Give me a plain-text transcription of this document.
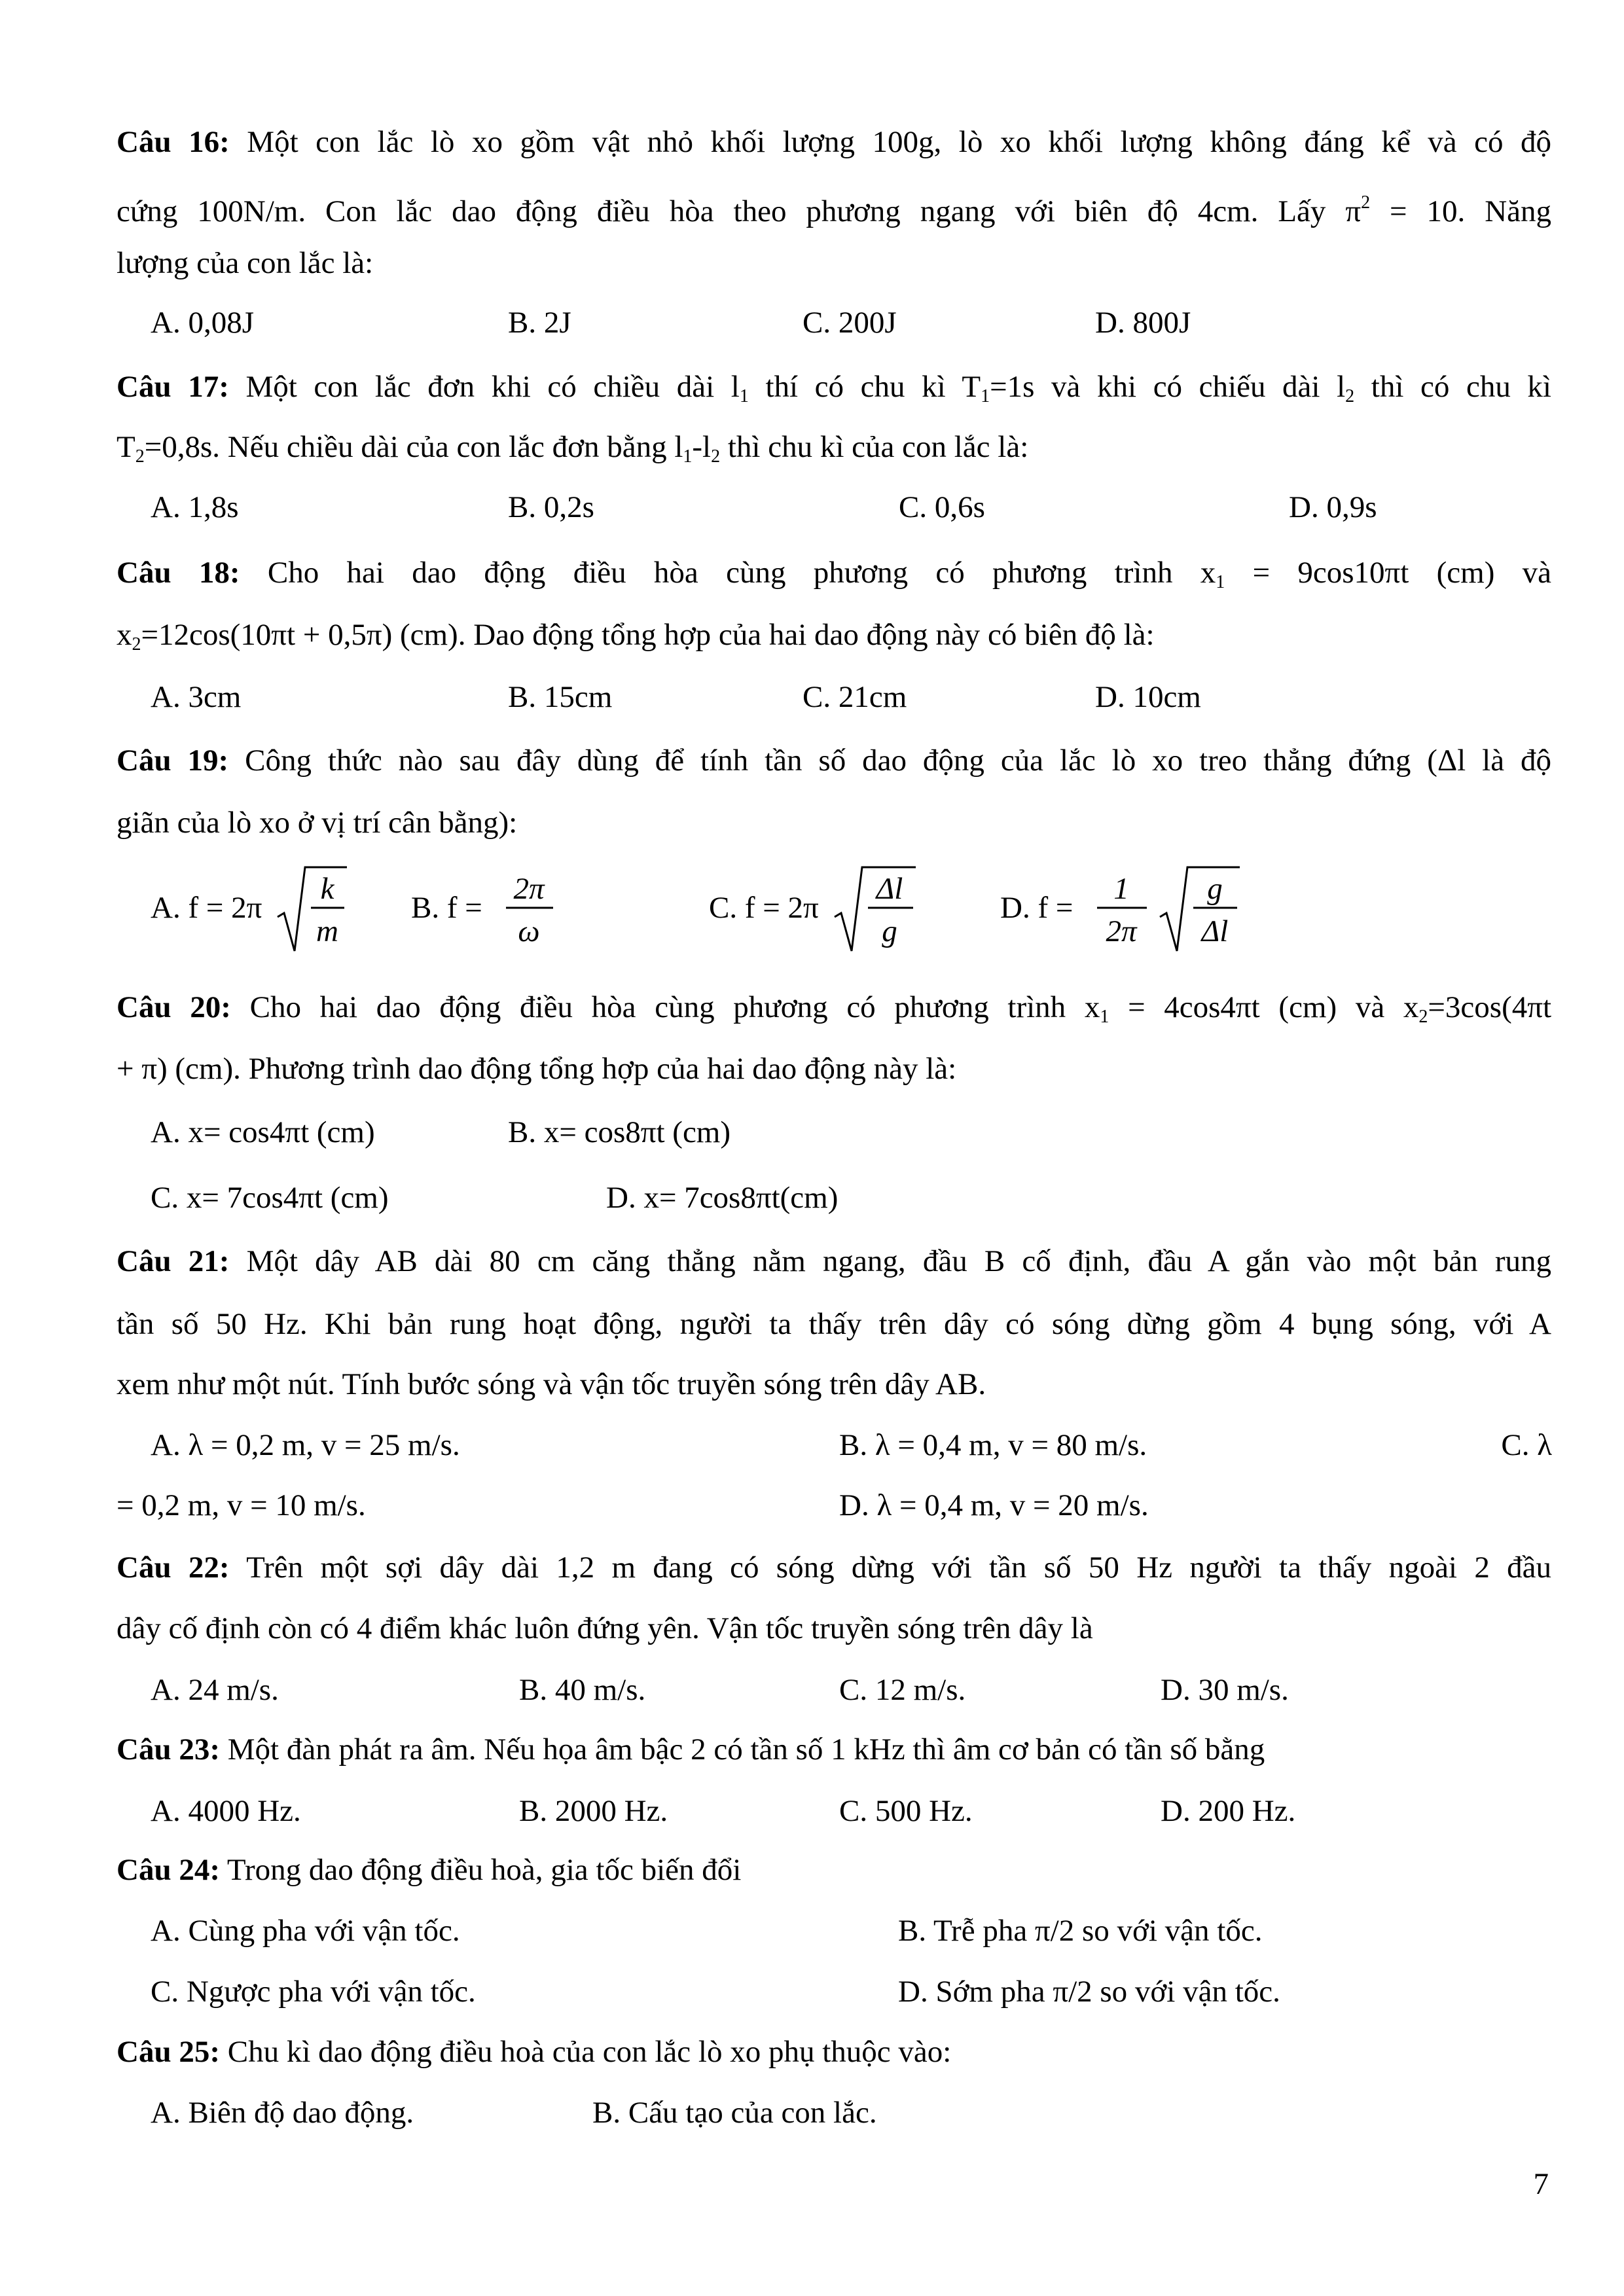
Câu 16: Một con lắc lò xo gồm vật nhỏ khối lượng 100g, lò xo khối lượng không đáng kể và có độ
cứng 100N/m. Con lắc dao động điều hòa theo phương ngang với biên độ 4cm. Lấy $\pi^2 = 10$. Năng
lượng của con lắc là:
A. 0,08J	B. 2J	C. 200J	D. 800J
Câu 17: Một con lắc đơn khi có chiều dài $l_1$ thí có chu kì $T_1=1s$ và khi có chiếu dài $l_2$ thì có chu kì
$T_2=0,8s$. Nếu chiều dài của con lắc đơn bằng $l_1-l_2$ thì chu kì của con lắc là:
A. 1,8s	B. 0,2s	C. 0,6s	D. 0,9s
Câu 18: Cho hai dao động điều hòa cùng phương có phương trình $x_1 = 9\cos 10\pi t$ (cm) và
$x_2=12\cos(10\pi t + 0,5\pi)$ (cm). Dao động tổng hợp của hai dao động này có biên độ là:
A. 3cm	B. 15cm	C. 21cm	D. 10cm
Câu 19: Công thức nào sau đây dùng để tính tần số dao động của lắc lò xo treo thẳng đứng (Δl là độ
giãn của lò xo ở vị trí cân bằng):
A. f = 2π
k
m
B. f =
2π
ω
C. f = 2π
Δl
g
D. f =
1
2π
g
Δl
Câu 20: Cho hai dao động điều hòa cùng phương có phương trình $x_1 = 4\cos 4\pi t$ (cm) và $x_2=3\cos(4\pi t$
+ π) (cm). Phương trình dao động tổng hợp của hai dao động này là:
A. x= cos4πt (cm)	B. x= cos8πt (cm)
C. x= 7cos4πt (cm)	D. x= 7cos8πt(cm)
Câu 21: Một dây AB dài 80 cm căng thẳng nằm ngang, đầu B cố định, đầu A gắn vào một bản rung
tần số 50 Hz. Khi bản rung hoạt động, người ta thấy trên dây có sóng dừng gồm 4 bụng sóng, với A
xem như một nút. Tính bước sóng và vận tốc truyền sóng trên dây AB.
A. λ = 0,2 m, v = 25 m/s.	B. λ = 0,4 m, v = 80 m/s.	C. λ
= 0,2 m, v = 10 m/s.	D. λ = 0,4 m, v = 20 m/s.
Câu 22: Trên một sợi dây dài 1,2 m đang có sóng dừng với tần số 50 Hz người ta thấy ngoài 2 đầu
dây cố định còn có 4 điểm khác luôn đứng yên. Vận tốc truyền sóng trên dây là
A. 24 m/s.	B. 40 m/s.	C. 12 m/s.	D. 30 m/s.
Câu 23: Một đàn phát ra âm. Nếu họa âm bậc 2 có tần số 1 kHz thì âm cơ bản có tần số bằng
A. 4000 Hz.	B. 2000 Hz.	C. 500 Hz.	D. 200 Hz.
Câu 24: Trong dao động điều hoà, gia tốc biến đổi
A. Cùng pha với vận tốc.	B. Trễ pha π/2 so với vận tốc.
C. Ngược pha với vận tốc.	D. Sớm pha π/2 so với vận tốc.
Câu 25: Chu kì dao động điều hoà của con lắc lò xo phụ thuộc vào:
A. Biên độ dao động.	B. Cấu tạo của con lắc.
7
